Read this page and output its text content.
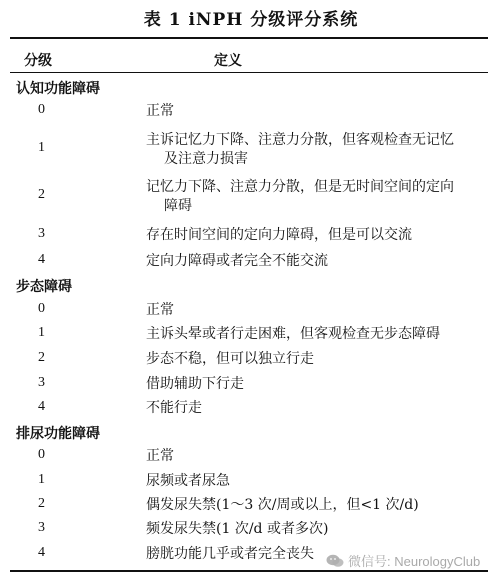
表 1 iNPH 分级评分系统
分级	定义
认知功能障碍
0	正常
1	主诉记忆力下降、注意力分散，但客观检查无记忆
及注意力损害
2	记忆力下降、注意力分散，但是无时间空间的定向
障碍
3	存在时间空间的定向力障碍，但是可以交流
4	定向力障碍或者完全不能交流
步态障碍
0	正常
1	主诉头晕或者行走困难，但客观检查无步态障碍
2	步态不稳，但可以独立行走
3	借助辅助下行走
4	不能行走
排尿功能障碍
0	正常
1	尿频或者尿急
2	偶发尿失禁(1～3 次/周或以上，但<1 次/d)
3	频发尿失禁(1 次/d 或者多次)
4	膀胱功能几乎或者完全丧失	微信号: NeurologyClub
